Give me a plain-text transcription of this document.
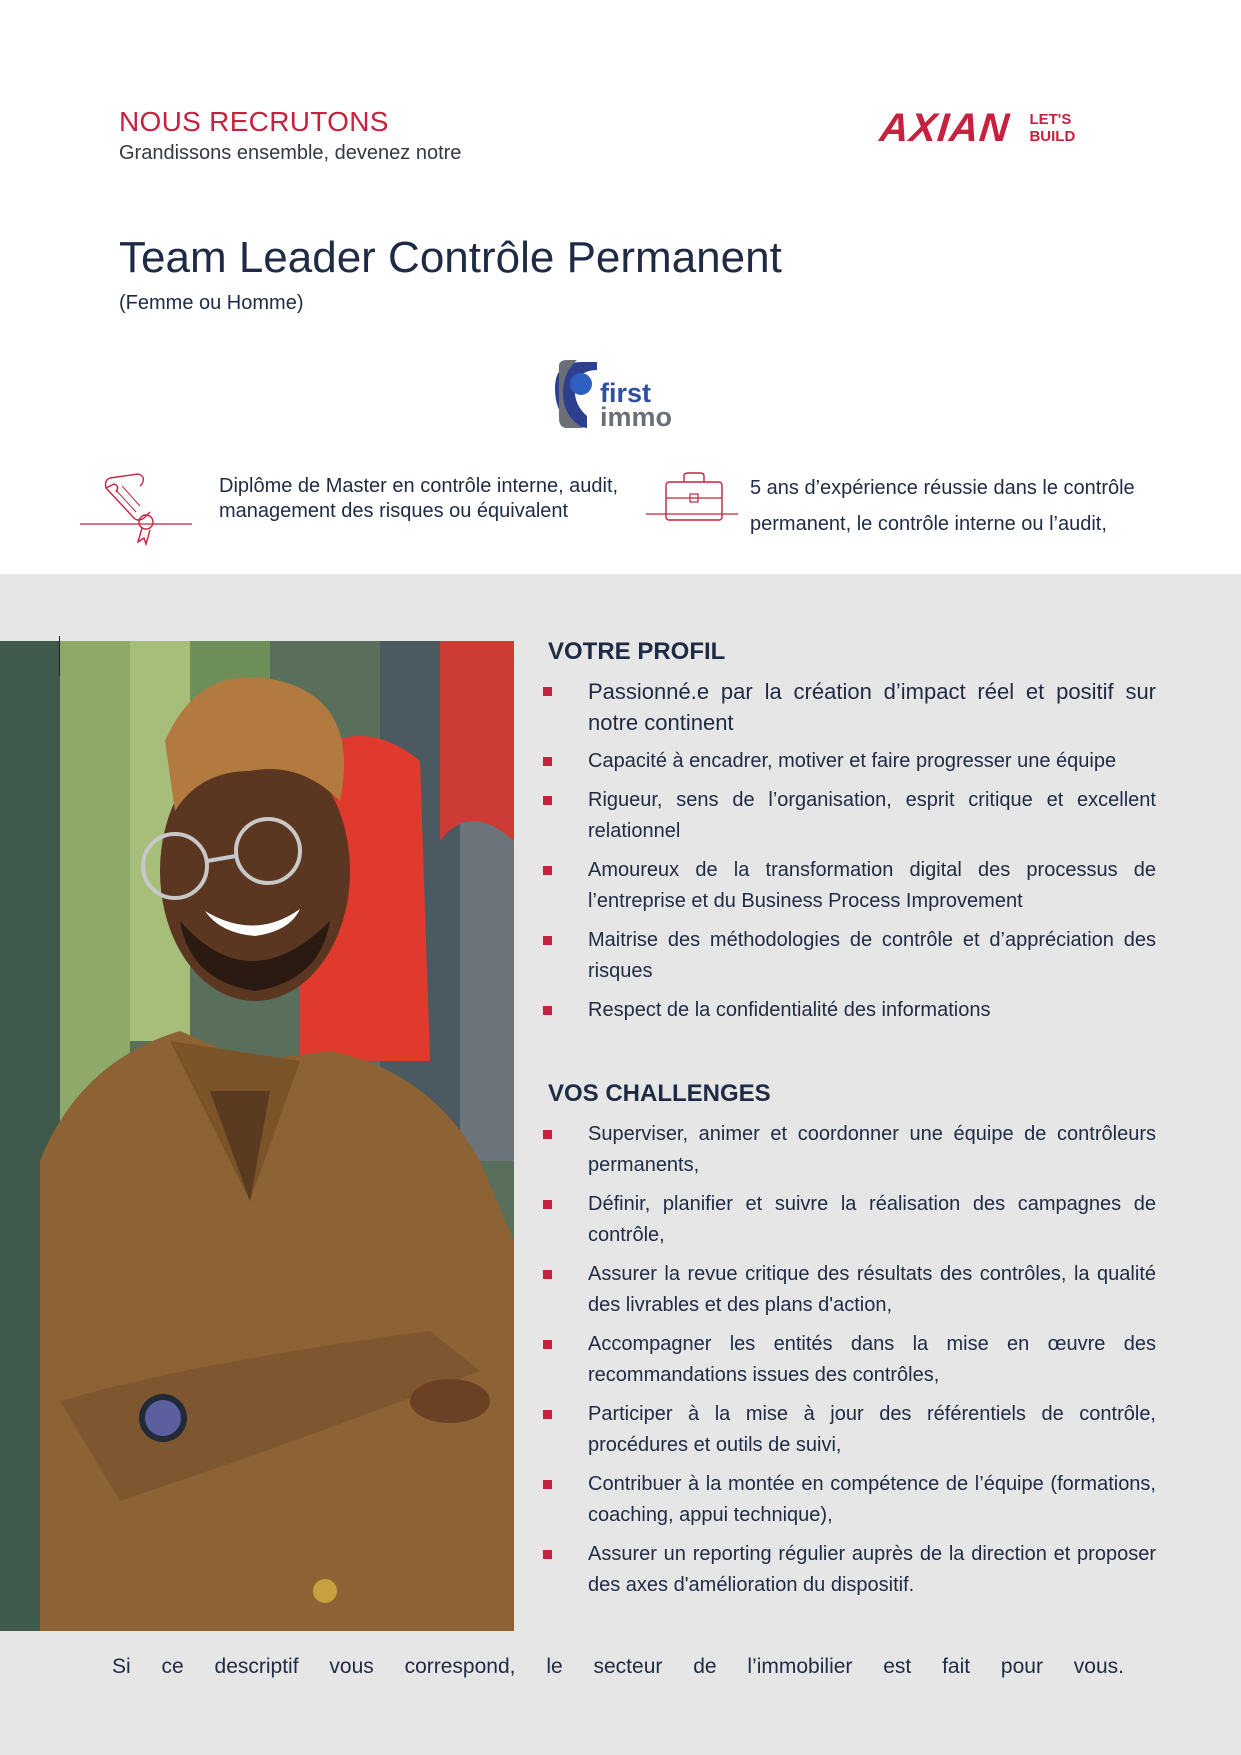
NOUS RECRUTONS
Grandissons ensemble, devenez notre
AXIAN LET'S
BUILD
Team Leader Contrôle Permanent
(Femme ou Homme)
first
immo
Diplôme de Master en contrôle interne, audit, management des risques ou équivalent
5 ans d’expérience réussie dans le contrôle permanent, le contrôle interne ou l’audit,
VOTRE PROFIL
Passionné.e par la création d’impact réel et positif sur notre continent
Capacité à encadrer, motiver et faire progresser une équipe
Rigueur, sens de l’organisation, esprit critique et excellent relationnel
Amoureux de la transformation digital des processus de l’entreprise et du Business Process Improvement
Maitrise des méthodologies de contrôle et d’appréciation des risques
Respect de la confidentialité des informations
VOS CHALLENGES
Superviser, animer et coordonner une équipe de contrôleurs permanents,
Définir, planifier et suivre la réalisation des campagnes de contrôle,
Assurer la revue critique des résultats des contrôles, la qualité des livrables et des plans d'action,
Accompagner les entités dans la mise en œuvre des recommandations issues des contrôles,
Participer à la mise à jour des référentiels de contrôle, procédures et outils de suivi,
Contribuer à la montée en compétence de l’équipe (formations, coaching, appui technique),
Assurer un reporting régulier auprès de la direction et proposer des axes d'amélioration du dispositif.
Si ce descriptif vous correspond, le secteur de l’immobilier est fait pour vous.
